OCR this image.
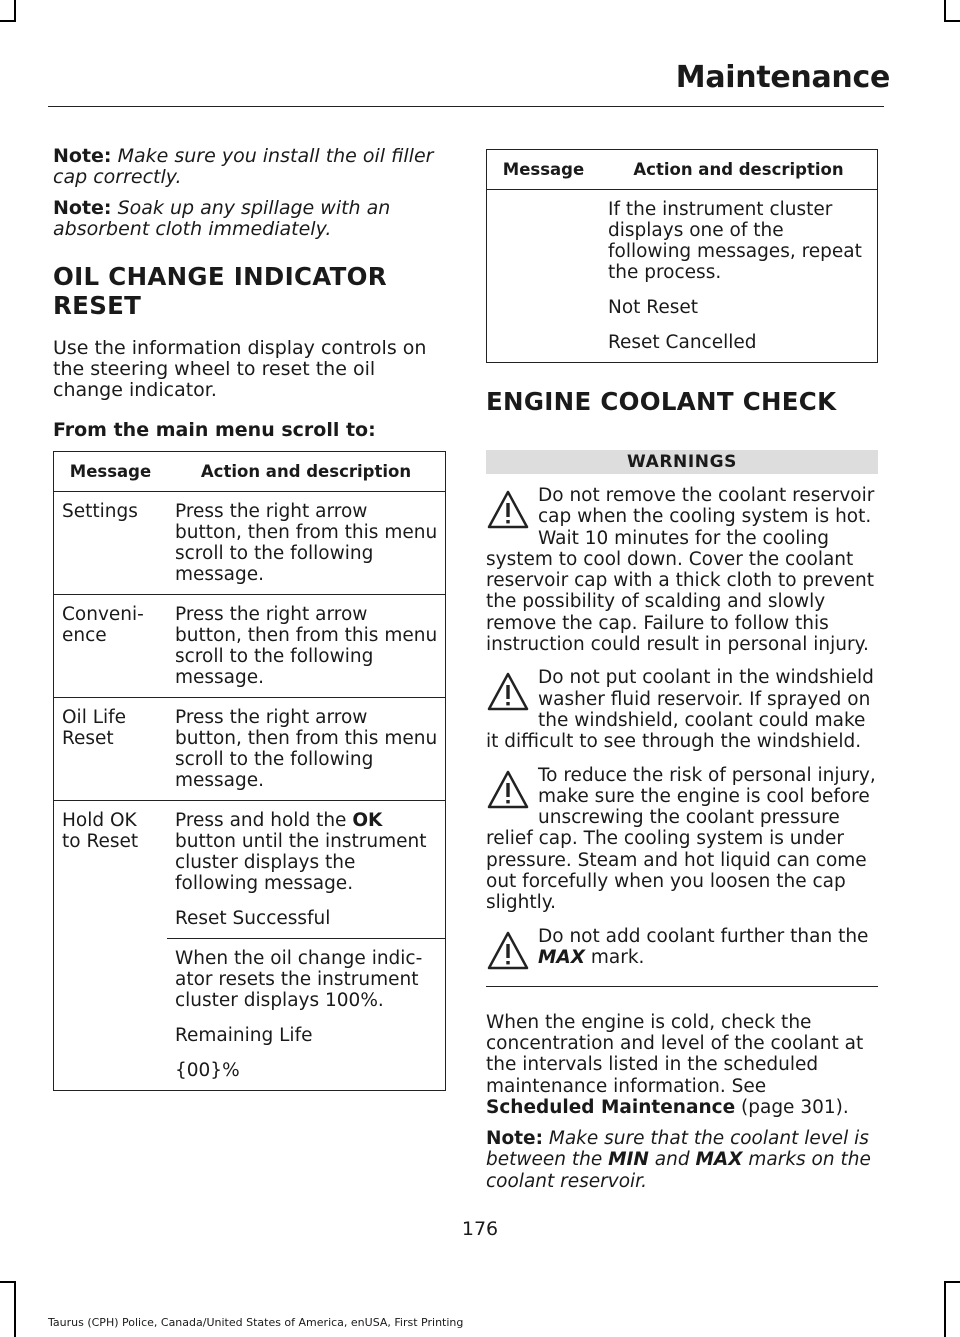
Maintenance

Note: Make sure you install the oil filler cap correctly.

Note: Soak up any spillage with an absorbent cloth immediately.

OIL CHANGE INDICATOR

RESET

Use the information display controls on the steering wheel to reset the oil change indicator.

From the main menu scroll to:

Message	Action and description
Settings	Press the right arrow button, then from this menu scroll to the following message.
Conveni-ence	Press the right arrow button, then from this menu scroll to the following message.
Oil Life Reset	Press the right arrow button, then from this menu scroll to the following message.
Hold OK to Reset	Press and hold the OK button until the instrument cluster displays the following message.

Reset Successful

	When the oil change indic-ator resets the instrument cluster displays 100%.

Remaining Life

{00}%

Message	Action and description

	If the instrument cluster displays one of the following messages, repeat the process.

Not Reset

Reset Cancelled

ENGINE COOLANT CHECK

WARNINGS

Do not remove the coolant reservoir cap when the cooling system is hot. Wait 10 minutes for the cooling system to cool down. Cover the coolant reservoir cap with a thick cloth to prevent the possibility of scalding and slowly remove the cap. Failure to follow this instruction could result in personal injury.

Do not put coolant in the windshield washer fluid reservoir. If sprayed on the windshield, coolant could make it difficult to see through the windshield.

To reduce the risk of personal injury, make sure the engine is cool before unscrewing the coolant pressure relief cap. The cooling system is under pressure. Steam and hot liquid can come out forcefully when you loosen the cap slightly.

Do not add coolant further than the MAX mark.

When the engine is cold, check the concentration and level of the coolant at the intervals listed in the scheduled maintenance information. See Scheduled Maintenance (page 301).

Note: Make sure that the coolant level is between the MIN and MAX marks on the coolant reservoir.

176
Taurus (CPH) Police, Canada/United States of America, enUSA, First Printing
